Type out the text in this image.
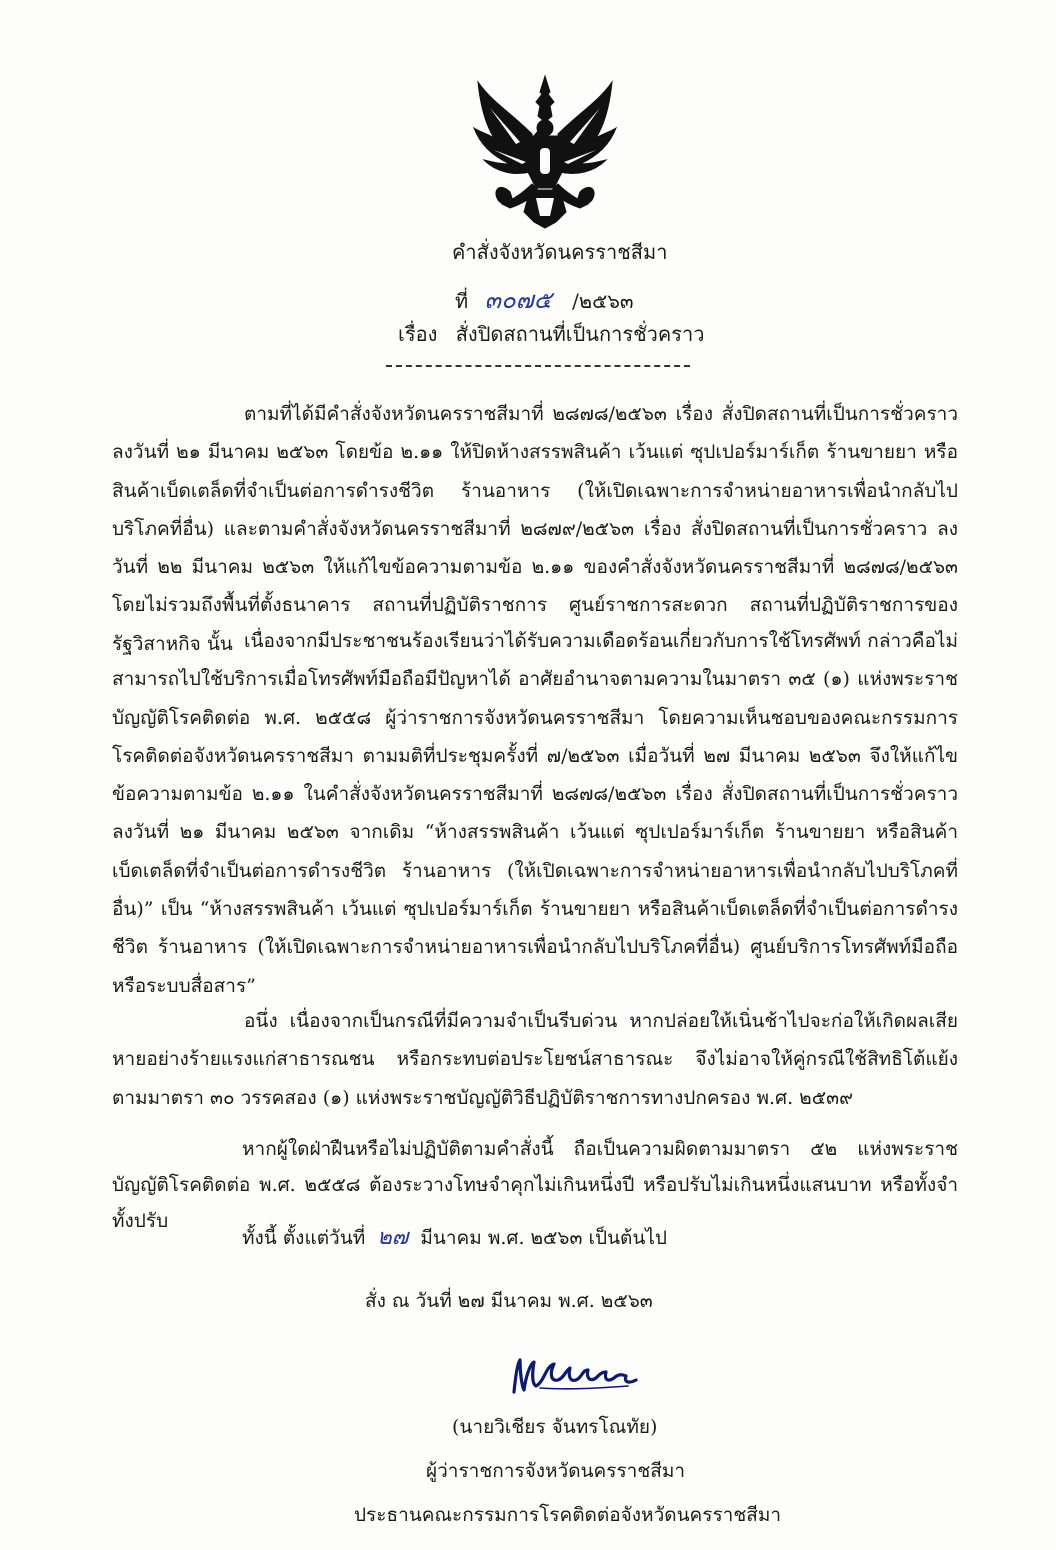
คำสั่งจังหวัดนครราชสีมา
ที่ ๓๐๗๕ /๒๕๖๓
เรื่อง สั่งปิดสถานที่เป็นการชั่วคราว

ตามที่ได้มีคำสั่งจังหวัดนครราชสีมาที่ ๒๘๗๘/๒๕๖๓ เรื่อง สั่งปิดสถานที่เป็นการชั่วคราว ลงวันที่ ๒๑ มีนาคม ๒๕๖๓ โดยข้อ ๒.๑๑ ให้ปิดห้างสรรพสินค้า เว้นแต่ ซุปเปอร์มาร์เก็ต ร้านขายยา หรือสินค้าเบ็ดเตล็ดที่จำเป็นต่อการดำรงชีวิต ร้านอาหาร (ให้เปิดเฉพาะการจำหน่ายอาหารเพื่อนำกลับไปบริโภคที่อื่น) และตามคำสั่งจังหวัดนครราชสีมาที่ ๒๘๗๙/๒๕๖๓ เรื่อง สั่งปิดสถานที่เป็นการชั่วคราว ลงวันที่ ๒๒ มีนาคม ๒๕๖๓ ให้แก้ไขข้อความตามข้อ ๒.๑๑ ของคำสั่งจังหวัดนครราชสีมาที่ ๒๘๗๘/๒๕๖๓ โดยไม่รวมถึงพื้นที่ตั้งธนาคาร สถานที่ปฏิบัติราชการ ศูนย์ราชการสะดวก สถานที่ปฏิบัติราชการของรัฐวิสาหกิจ นั้น เนื่องจากมีประชาชนร้องเรียนว่าได้รับความเดือดร้อนเกี่ยวกับการใช้โทรศัพท์ กล่าวคือไม่สามารถไปใช้บริการเมื่อโทรศัพท์มือถือมีปัญหาได้ อาศัยอำนาจตามความในมาตรา ๓๕ (๑) แห่งพระราชบัญญัติโรคติดต่อ พ.ศ. ๒๕๕๘ ผู้ว่าราชการจังหวัดนครราชสีมา โดยความเห็นชอบของคณะกรรมการโรคติดต่อจังหวัดนครราชสีมา ตามมติที่ประชุมครั้งที่ ๗/๒๕๖๓ เมื่อวันที่ ๒๗ มีนาคม ๒๕๖๓ จึงให้แก้ไขข้อความตามข้อ ๒.๑๑ ในคำสั่งจังหวัดนครราชสีมาที่ ๒๘๗๘/๒๕๖๓ เรื่อง สั่งปิดสถานที่เป็นการชั่วคราว ลงวันที่ ๒๑ มีนาคม ๒๕๖๓ จากเดิม “ห้างสรรพสินค้า เว้นแต่ ซุปเปอร์มาร์เก็ต ร้านขายยา หรือสินค้าเบ็ดเตล็ดที่จำเป็นต่อการดำรงชีวิต ร้านอาหาร (ให้เปิดเฉพาะการจำหน่ายอาหารเพื่อนำกลับไปบริโภคที่อื่น)” เป็น “ห้างสรรพสินค้า เว้นแต่ ซุปเปอร์มาร์เก็ต ร้านขายยา หรือสินค้าเบ็ดเตล็ดที่จำเป็นต่อการดำรงชีวิต ร้านอาหาร (ให้เปิดเฉพาะการจำหน่ายอาหารเพื่อนำกลับไปบริโภคที่อื่น) ศูนย์บริการโทรศัพท์มือถือ หรือระบบสื่อสาร”

อนึ่ง เนื่องจากเป็นกรณีที่มีความจำเป็นรีบด่วน หากปล่อยให้เนิ่นช้าไปจะก่อให้เกิดผลเสียหายอย่างร้ายแรงแก่สาธารณชน หรือกระทบต่อประโยชน์สาธารณะ จึงไม่อาจให้คู่กรณีใช้สิทธิโต้แย้ง ตามมาตรา ๓๐ วรรคสอง (๑) แห่งพระราชบัญญัติวิธีปฏิบัติราชการทางปกครอง พ.ศ. ๒๕๓๙

หากผู้ใดฝ่าฝืนหรือไม่ปฏิบัติตามคำสั่งนี้ ถือเป็นความผิดตามมาตรา ๕๒ แห่งพระราชบัญญัติโรคติดต่อ พ.ศ. ๒๕๕๘ ต้องระวางโทษจำคุกไม่เกินหนึ่งปี หรือปรับไม่เกินหนึ่งแสนบาท หรือทั้งจำทั้งปรับ

ทั้งนี้ ตั้งแต่วันที่ ๒๗ มีนาคม พ.ศ. ๒๕๖๓ เป็นต้นไป
สั่ง ณ วันที่ ๒๗ มีนาคม พ.ศ. ๒๕๖๓
(นายวิเชียร จันทรโณทัย)
ผู้ว่าราชการจังหวัดนครราชสีมา
ประธานคณะกรรมการโรคติดต่อจังหวัดนครราชสีมา
